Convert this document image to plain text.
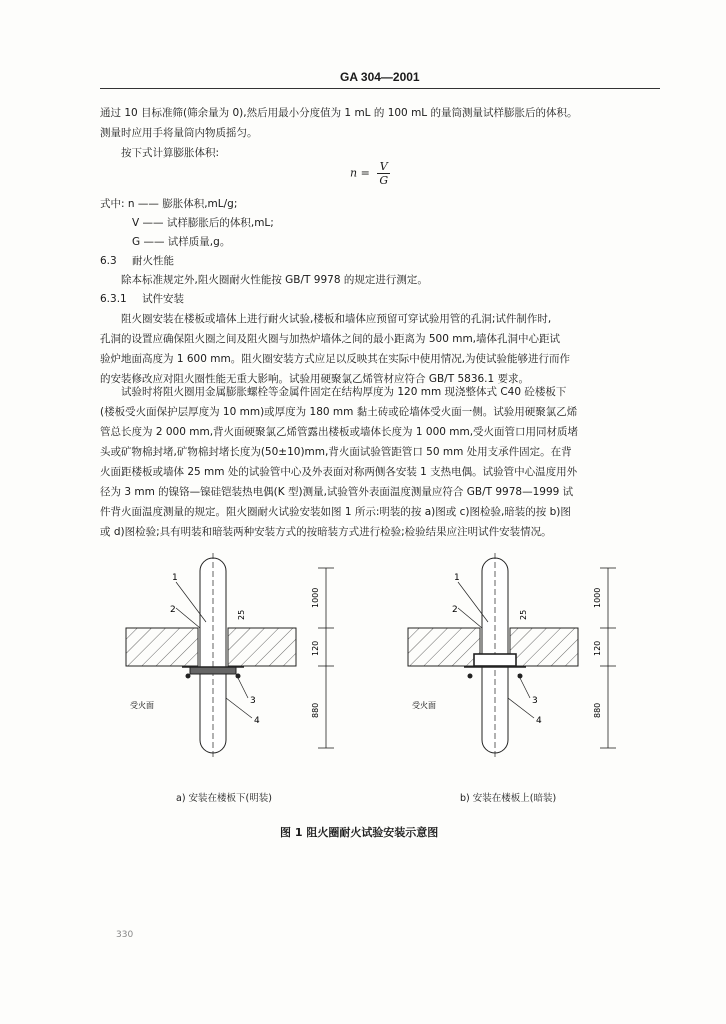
GA 304—2001
通过 10 目标准筛(筛余量为 0),然后用最小分度值为 1 mL 的 100 mL 的量筒测量试样膨胀后的体积。
测量时应用手将量筒内物质摇匀。
按下式计算膨胀体积:
$n = \frac{V}{G}$
式中: n —— 膨胀体积,mL/g;
V —— 试样膨胀后的体积,mL;
G —— 试样质量,g。
6.3 耐火性能
除本标准规定外,阻火圈耐火性能按 GB/T 9978 的规定进行测定。
6.3.1 试件安装
阻火圈安装在楼板或墙体上进行耐火试验,楼板和墙体应预留可穿试验用管的孔洞;试件制作时,
孔洞的设置应确保阻火圈之间及阻火圈与加热炉墙体之间的最小距离为 500 mm,墙体孔洞中心距试
验炉地面高度为 1 600 mm。阻火圈安装方式应足以反映其在实际中使用情况,为使试验能够进行而作
的安装修改应对阻火圈性能无重大影响。试验用硬聚氯乙烯管材应符合 GB/T 5836.1 要求。
试验时将阻火圈用金属膨胀螺栓等金属件固定在结构厚度为 120 mm 现浇整体式 C40 砼楼板下
(楼板受火面保护层厚度为 10 mm)或厚度为 180 mm 黏土砖或砼墙体受火面一侧。试验用硬聚氯乙烯
管总长度为 2 000 mm,背火面硬聚氯乙烯管露出楼板或墙体长度为 1 000 mm,受火面管口用同材质堵
头或矿物棉封堵,矿物棉封堵长度为(50±10)mm,背火面试验管距管口 50 mm 处用支承件固定。在背
火面距楼板或墙体 25 mm 处的试验管中心及外表面对称两侧各安装 1 支热电偶。试验管中心温度用外
径为 3 mm 的镍铬—镍硅铠装热电偶(K 型)测量,试验管外表面温度测量应符合 GB/T 9978—1999 试
件背火面温度测量的规定。阻火圈耐火试验安装如图 1 所示:明装的按 a)图或 c)图检验,暗装的按 b)图
或 d)图检验;具有明装和暗装两种安装方式的按暗装方式进行检验;检验结果应注明试件安装情况。
1
2
3
4
受火面
1000
120
880
25
1
2
3
4
受火面
1000
120
880
25
a) 安装在楼板下(明装)	b) 安装在楼板上(暗装)
图 1 阻火圈耐火试验安装示意图
330
